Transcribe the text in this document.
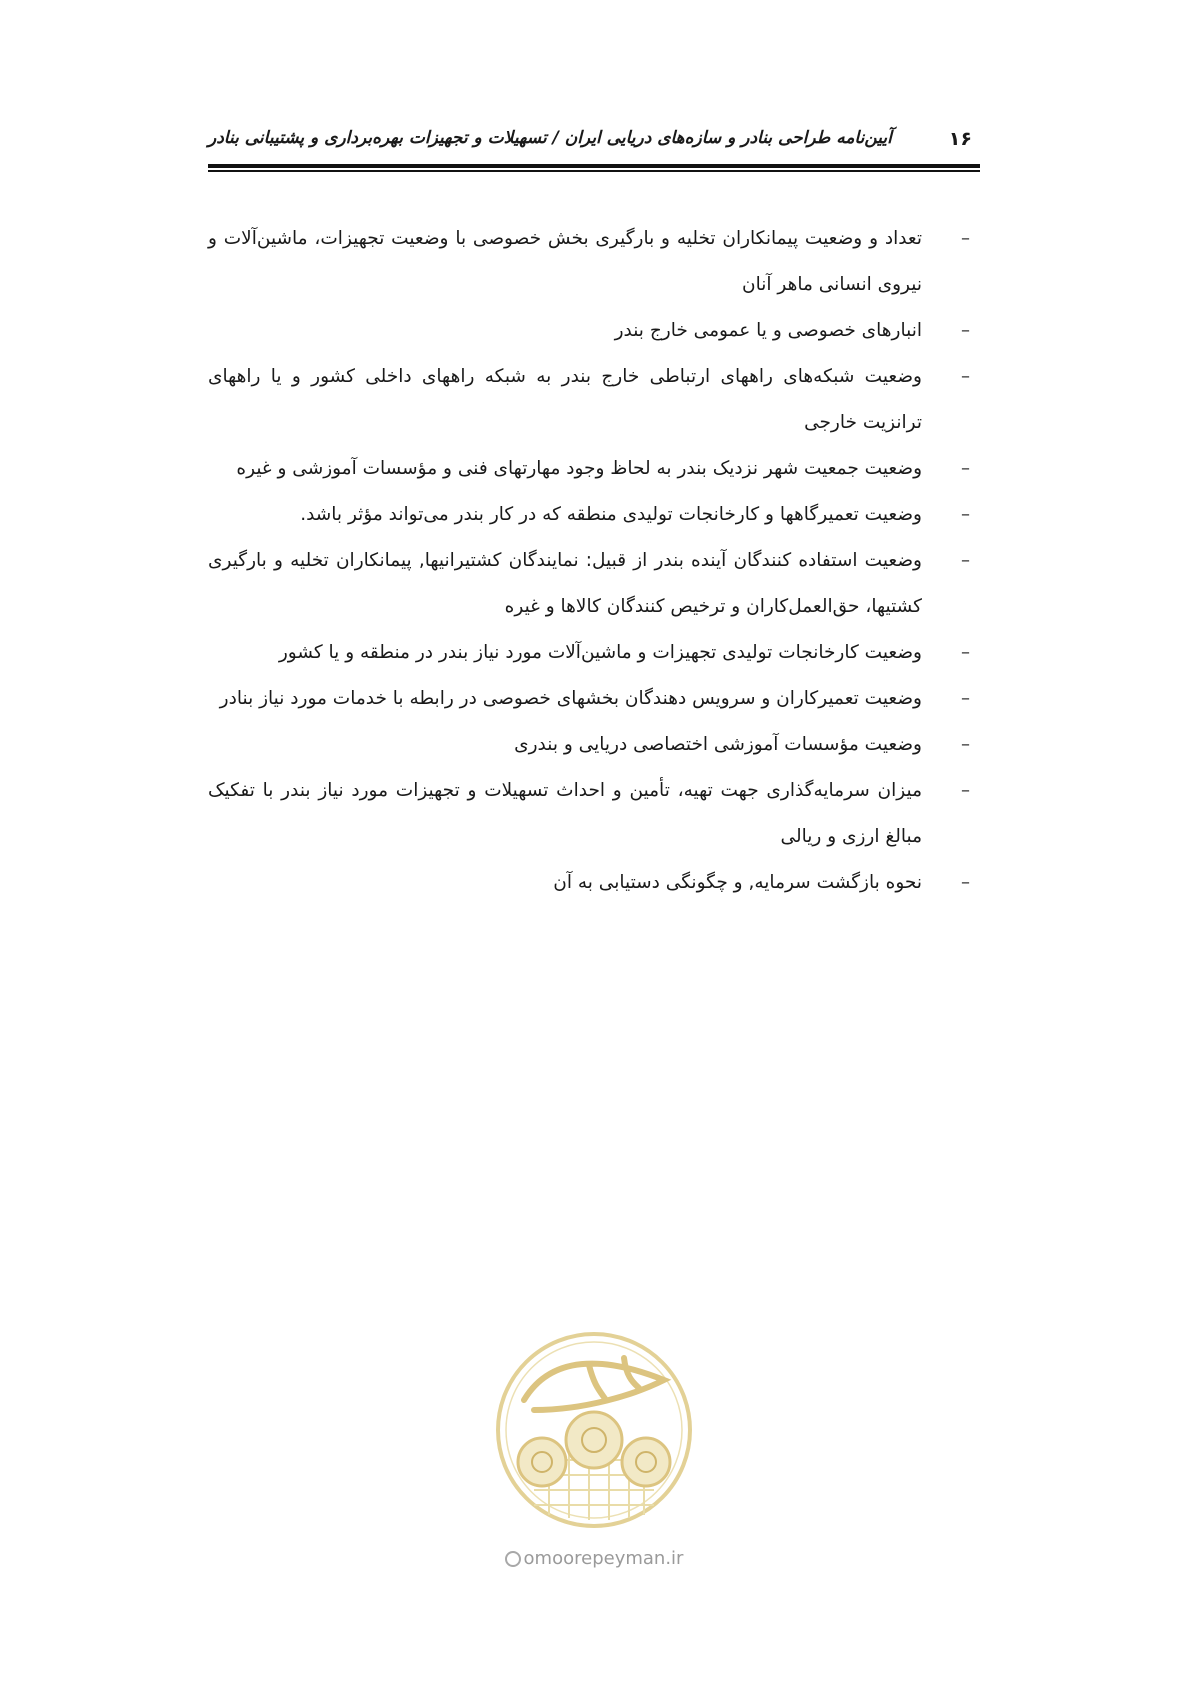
۱۶
آیین‌نامه طراحی بنادر و سازه‌های دریایی ایران / تسهیلات و تجهیزات بهره‌برداری و پشتیبانی بنادر
–
تعداد و وضعیت پیمانکاران تخلیه و بارگیری بخش خصوصی با وضعیت تجهیزات، ماشین‌آلات و نیروی انسانی ماهر آنان
–
انبارهای خصوصی و یا عمومی خارج بندر
–
وضعیت شبکه‌های راههای ارتباطی خارج بندر به شبکه راههای داخلی کشور و یا راههای ترانزیت خارجی
–
وضعیت جمعیت شهر نزدیک بندر به لحاظ وجود مهارتهای فنی و مؤسسات آموزشی و غیره
–
وضعیت تعمیرگاهها و کارخانجات تولیدی منطقه که در کار بندر می‌تواند مؤثر باشد.
–
وضعیت استفاده کنندگان آینده بندر از قبیل: نمایندگان کشتیرانیها, پیمانکاران تخلیه و بارگیری کشتیها، حق‌العمل‌کاران و ترخیص کنندگان کالاها و غیره
–
وضعیت کارخانجات تولیدی تجهیزات و ماشین‌آلات مورد نیاز بندر در منطقه و یا کشور
–
وضعیت تعمیرکاران و سرویس دهندگان بخشهای خصوصی در رابطه با خدمات مورد نیاز بنادر
–
وضعیت مؤسسات آموزشی اختصاصی دریایی و بندری
–
میزان سرمایه‌گذاری جهت تهیه، تأمین و احداث تسهیلات و تجهیزات مورد نیاز بندر با تفکیک مبالغ ارزی و ریالی
–
نحوه بازگشت سرمایه, و چگونگی دستیابی به آن
omoorepeyman.ir
